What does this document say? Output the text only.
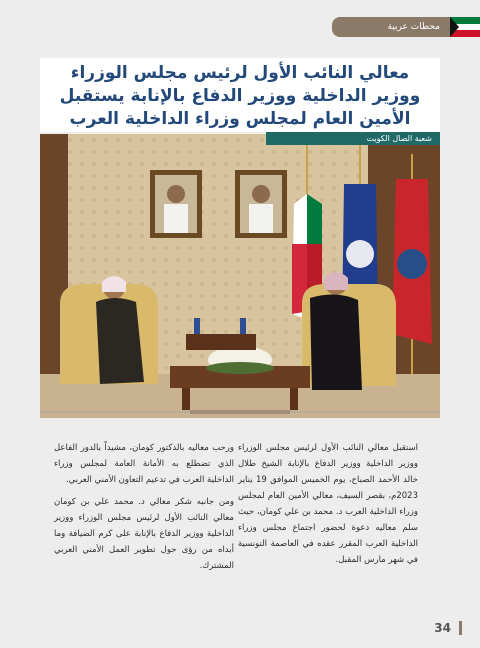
محطات عربية
معالي النائب الأول لرئيس مجلس الوزراء ووزير الداخلية ووزير الدفاع بالإنابة يستقبل الأمين العام لمجلس وزراء الداخلية العرب
شعبة الصال الكويت

استقبل معالي النائب الأول لرئيس مجلس الوزراء ووزير الداخلية ووزير الدفاع بالإنابة الشيخ طلال خالد الأحمد الصباح، يوم الخميس الموافق 19 يناير 2023م، بقصر السيف، معالي الأمين العام لمجلس وزراء الداخلية العرب د. محمد بن علي كومان، حيث سلم معاليه دعوة لحضور اجتماع مجلس وزراء الداخلية العرب المقرر عقده في العاصمة التونسية في شهر مارس المقبل.

ورحب معاليه بالدكتور كومان، مشيداً بالدور الفاعل الذي تضطلع به الأمانة العامة لمجلس وزراء الداخلية العرب في تدعيم التعاون الأمني العربي.

ومن جانبه شكر معالي د. محمد علي بن كومان معالي النائب الأول لرئيس مجلس الوزراء ووزير الداخلية ووزير الدفاع بالإنابة على كرم الضيافة وما أبداه من رؤى حول تطوير العمل الأمني العربي المشترك.

34
